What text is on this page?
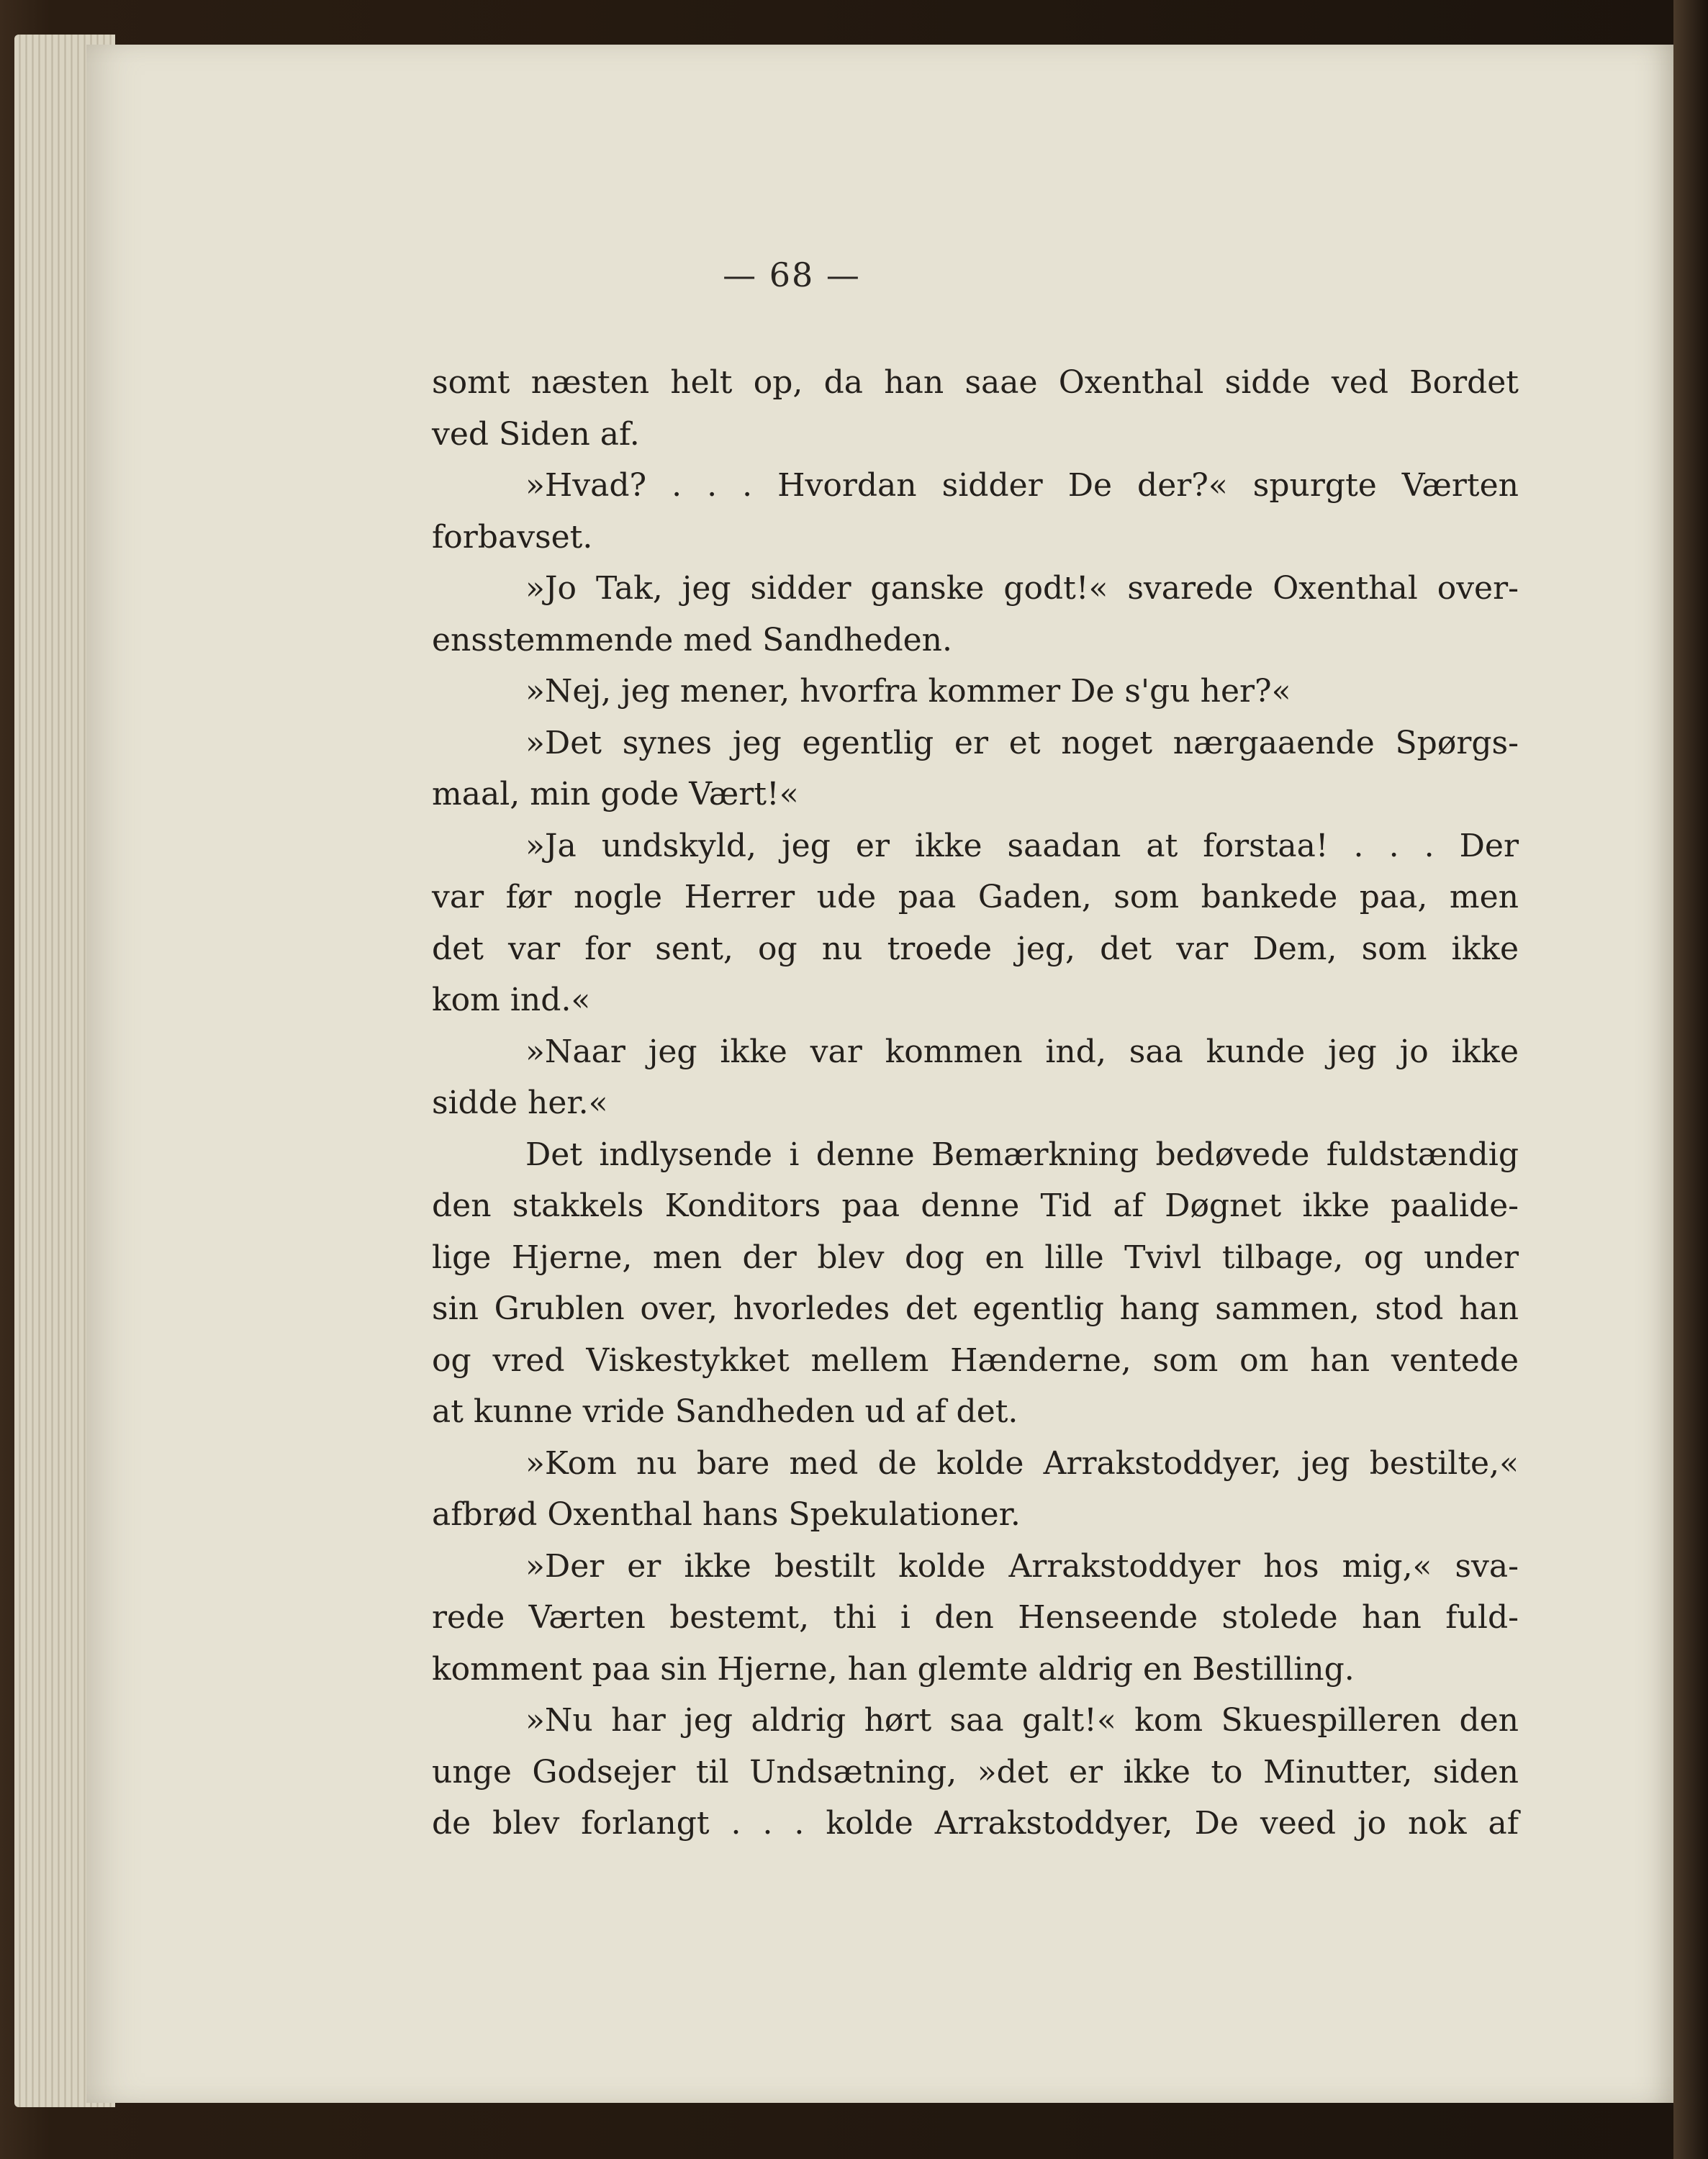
— 68 —
somt næsten helt op, da han saae Oxenthal sidde ved Bordet
ved Siden af.
»Hvad? . . . Hvordan sidder De der?« spurgte Værten
forbavset.
»Jo Tak, jeg sidder ganske godt!« svarede Oxenthal over-
ensstemmende med Sandheden.
»Nej, jeg mener, hvorfra kommer De s'gu her?«
»Det synes jeg egentlig er et noget nærgaaende Spørgs-
maal, min gode Vært!«
»Ja undskyld, jeg er ikke saadan at forstaa! . . . Der
var før nogle Herrer ude paa Gaden, som bankede paa, men
det var for sent, og nu troede jeg, det var Dem, som ikke
kom ind.«
»Naar jeg ikke var kommen ind, saa kunde jeg jo ikke
sidde her.«
Det indlysende i denne Bemærkning bedøvede fuldstændig
den stakkels Konditors paa denne Tid af Døgnet ikke paalide-
lige Hjerne, men der blev dog en lille Tvivl tilbage, og under
sin Grublen over, hvorledes det egentlig hang sammen, stod han
og vred Viskestykket mellem Hænderne, som om han ventede
at kunne vride Sandheden ud af det.
»Kom nu bare med de kolde Arrakstoddyer, jeg bestilte,«
afbrød Oxenthal hans Spekulationer.
»Der er ikke bestilt kolde Arrakstoddyer hos mig,« sva-
rede Værten bestemt, thi i den Henseende stolede han fuld-
komment paa sin Hjerne, han glemte aldrig en Bestilling.
»Nu har jeg aldrig hørt saa galt!« kom Skuespilleren den
unge Godsejer til Undsætning, »det er ikke to Minutter, siden
de blev forlangt . . . kolde Arrakstoddyer, De veed jo nok af
